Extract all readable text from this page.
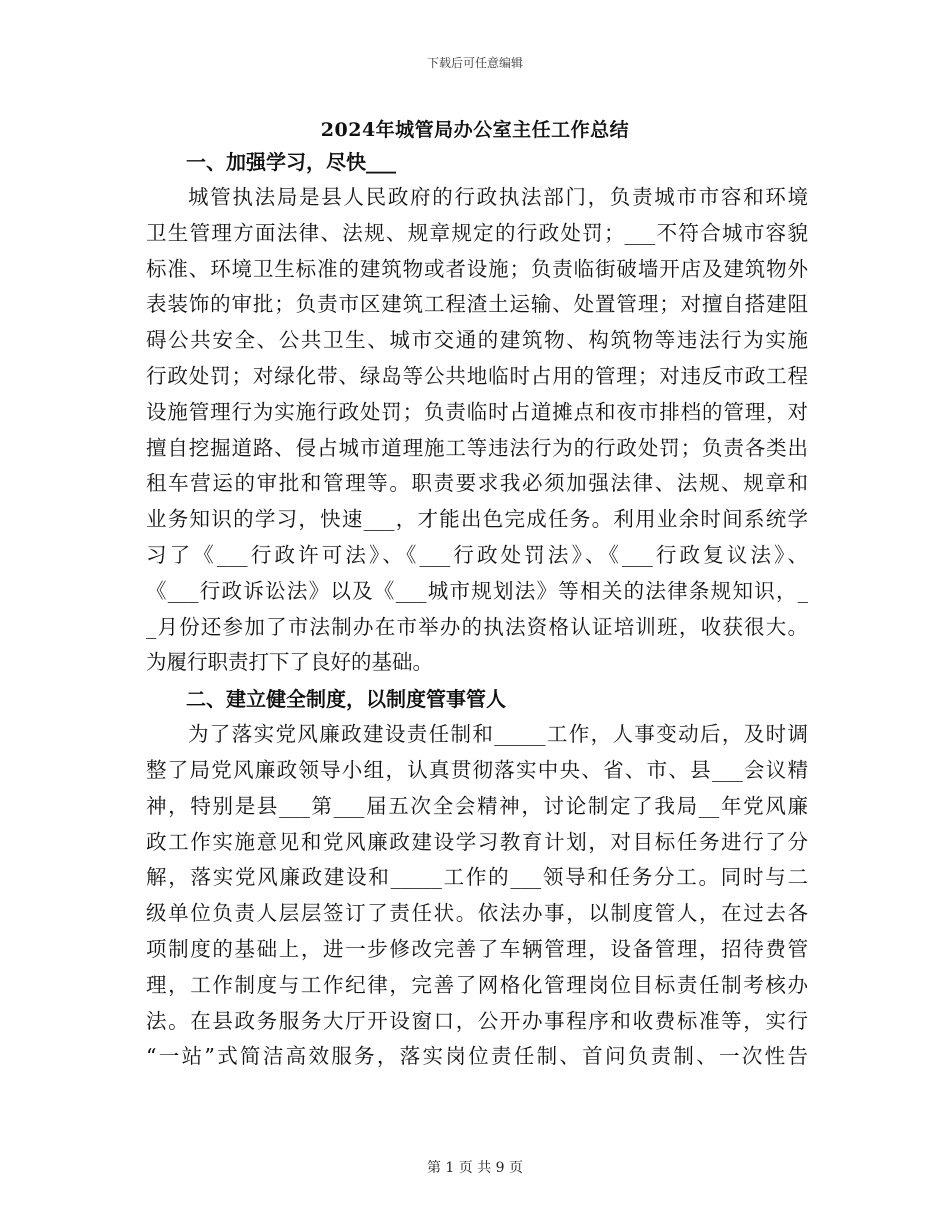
下载后可任意编辑
2024年城管局办公室主任工作总结
一、加强学习，尽快___
城管执法局是县人民政府的行政执法部门，负责城市市容和环境
卫生管理方面法律、法规、规章规定的行政处罚；___不符合城市容貌
标准、环境卫生标准的建筑物或者设施；负责临街破墙开店及建筑物外
表装饰的审批；负责市区建筑工程渣土运输、处置管理；对擅自搭建阻
碍公共安全、公共卫生、城市交通的建筑物、构筑物等违法行为实施
行政处罚；对绿化带、绿岛等公共地临时占用的管理；对违反市政工程
设施管理行为实施行政处罚；负责临时占道摊点和夜市排档的管理，对
擅自挖掘道路、侵占城市道理施工等违法行为的行政处罚；负责各类出
租车营运的审批和管理等。职责要求我必须加强法律、法规、规章和
业务知识的学习，快速___，才能出色完成任务。利用业余时间系统学
习了《___行政许可法》、《___行政处罚法》、《___行政复议法》、
《___行政诉讼法》以及《___城市规划法》等相关的法律条规知识，_
_月份还参加了市法制办在市举办的执法资格认证培训班，收获很大。
为履行职责打下了良好的基础。
二、建立健全制度，以制度管事管人
为了落实党风廉政建设责任制和_____工作，人事变动后，及时调
整了局党风廉政领导小组，认真贯彻落实中央、省、市、县___会议精
神，特别是县___第___届五次全会精神，讨论制定了我局__年党风廉
政工作实施意见和党风廉政建设学习教育计划，对目标任务进行了分
解，落实党风廉政建设和_____工作的___领导和任务分工。同时与二
级单位负责人层层签订了责任状。依法办事，以制度管人，在过去各
项制度的基础上，进一步修改完善了车辆管理，设备管理，招待费管
理，工作制度与工作纪律，完善了网格化管理岗位目标责任制考核办
法。在县政务服务大厅开设窗口，公开办事程序和收费标准等，实行
“一站”式简洁高效服务，落实岗位责任制、首问负责制、一次性告
第 1 页 共 9 页
